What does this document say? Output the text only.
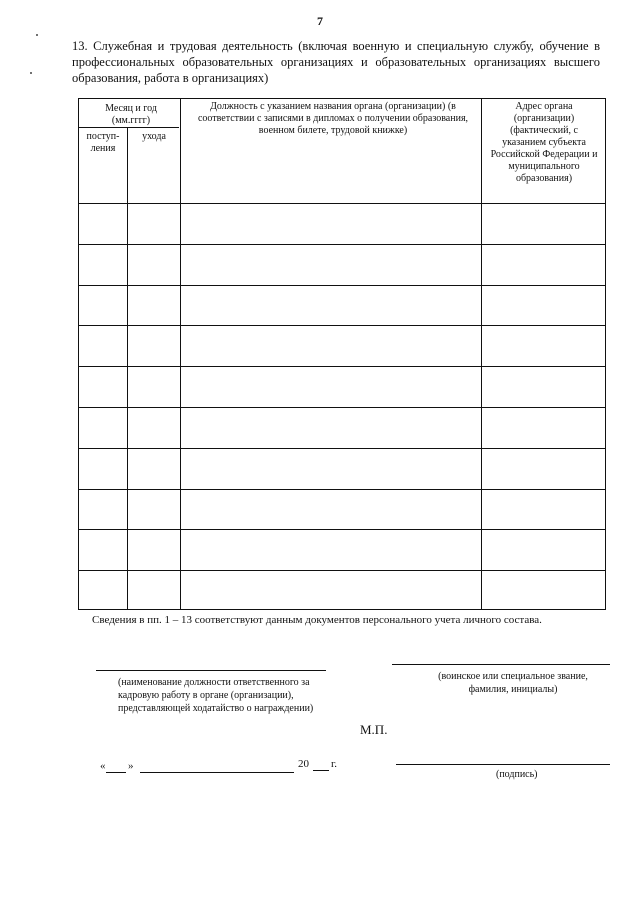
7
13. Служебная и трудовая деятельность (включая военную и специальную службу, обучение в профессиональных образовательных организациях и образовательных организациях высшего образования, работа в организациях)
Месяц и год (мм.гггг)
поступ- ления
ухода
Должность с указанием названия органа (организации) (в соответствии с записями в дипломах о получении образования, военном билете, трудовой книжке)
Адрес органа (организации) (фактический, с указанием субъекта Российской Федерации и муниципального образования)
Сведения в пп. 1 – 13 соответствуют данным документов персонального учета личного состава.
(наименование должности ответственного за кадровую работу в органе (организации), представляющей ходатайство о награждении)
(воинское или специальное звание, фамилия, инициалы)
М.П.
« »	20 г.
(подпись)
